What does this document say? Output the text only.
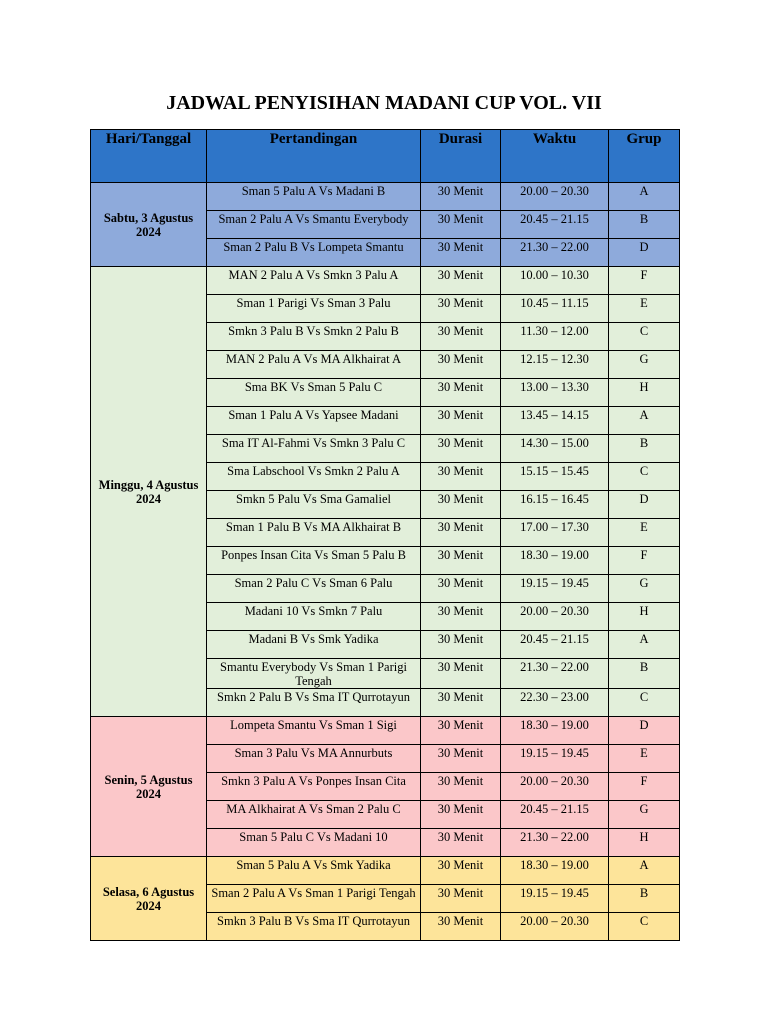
JADWAL PENYISIHAN MADANI CUP VOL. VII
Hari/Tanggal	Pertandingan	Durasi	Waktu	Grup
Sabtu, 3 Agustus 2024	Sman 5 Palu A Vs Madani B	30 Menit	20.00 – 20.30	A
	Sman 2 Palu A Vs Smantu Everybody	30 Menit	20.45 – 21.15	B
	Sman 2 Palu B Vs Lompeta Smantu	30 Menit	21.30 – 22.00	D
Minggu, 4 Agustus 2024	MAN 2 Palu A Vs Smkn 3 Palu A	30 Menit	10.00 – 10.30	F
	Sman 1 Parigi Vs Sman 3 Palu	30 Menit	10.45 – 11.15	E
	Smkn 3 Palu B Vs Smkn 2 Palu B	30 Menit	11.30 – 12.00	C
	MAN 2 Palu A Vs MA Alkhairat A	30 Menit	12.15 – 12.30	G
	Sma BK Vs Sman 5 Palu C	30 Menit	13.00 – 13.30	H
	Sman 1 Palu A Vs Yapsee Madani	30 Menit	13.45 – 14.15	A
	Sma IT Al-Fahmi Vs Smkn 3 Palu C	30 Menit	14.30 – 15.00	B
	Sma Labschool Vs Smkn 2 Palu A	30 Menit	15.15 – 15.45	C
	Smkn 5 Palu Vs Sma Gamaliel	30 Menit	16.15 – 16.45	D
	Sman 1 Palu B Vs MA Alkhairat B	30 Menit	17.00 – 17.30	E
	Ponpes Insan Cita Vs Sman 5 Palu B	30 Menit	18.30 – 19.00	F
	Sman 2 Palu C Vs Sman 6 Palu	30 Menit	19.15 – 19.45	G
	Madani 10 Vs Smkn 7 Palu	30 Menit	20.00 – 20.30	H
	Madani B Vs Smk Yadika	30 Menit	20.45 – 21.15	A
	Smantu Everybody Vs Sman 1 Parigi Tengah	30 Menit	21.30 – 22.00	B
	Smkn 2 Palu B Vs Sma IT Qurrotayun	30 Menit	22.30 – 23.00	C
Senin, 5 Agustus 2024	Lompeta Smantu Vs Sman 1 Sigi	30 Menit	18.30 – 19.00	D
	Sman 3 Palu Vs MA Annurbuts	30 Menit	19.15 – 19.45	E
	Smkn 3 Palu A Vs Ponpes Insan Cita	30 Menit	20.00 – 20.30	F
	MA Alkhairat A Vs Sman 2 Palu C	30 Menit	20.45 – 21.15	G
	Sman 5 Palu C Vs Madani 10	30 Menit	21.30 – 22.00	H
Selasa, 6 Agustus 2024	Sman 5 Palu A Vs Smk Yadika	30 Menit	18.30 – 19.00	A
	Sman 2 Palu A Vs Sman 1 Parigi Tengah	30 Menit	19.15 – 19.45	B
	Smkn 3 Palu B Vs Sma IT Qurrotayun	30 Menit	20.00 – 20.30	C
